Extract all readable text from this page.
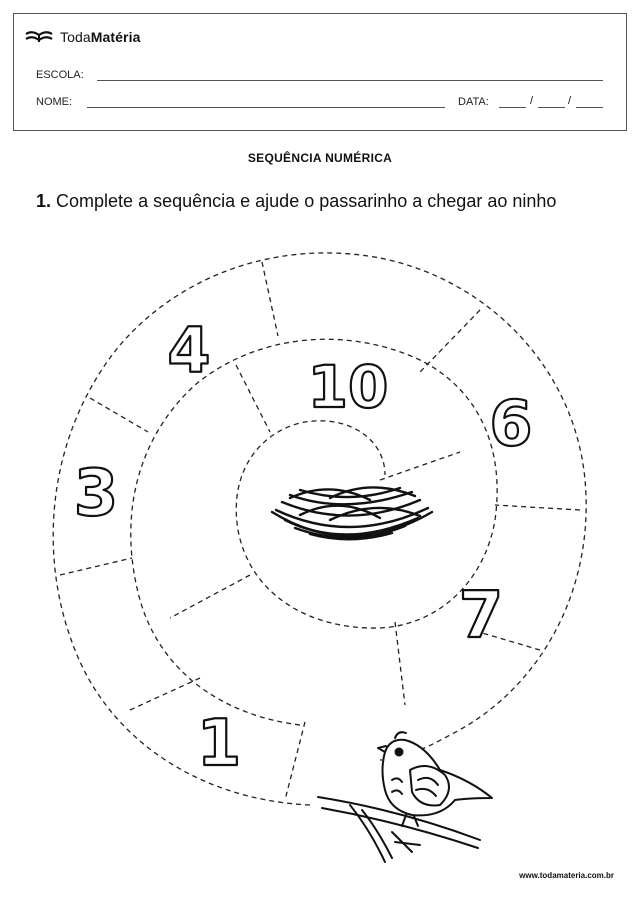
TodaMatéria
ESCOLA:
NOME:	DATA:	/	/
SEQUÊNCIA NUMÉRICA
1. Complete a sequência e ajude o passarinho a chegar ao ninho
4 10 6
3
7
1
www.todamateria.com.br
